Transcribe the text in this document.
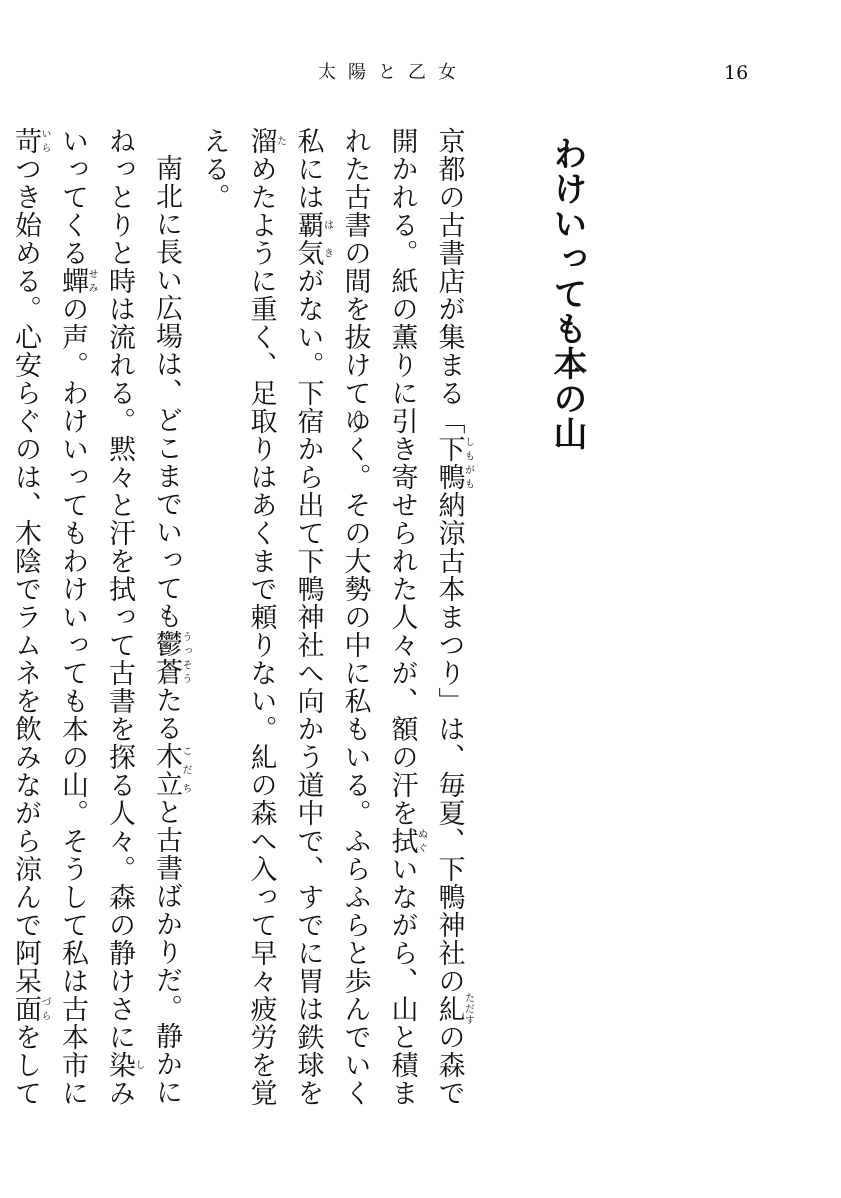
太陽と乙女	16
わけいっても本の山

京都の古書店が集まる「下鴨しもがも納涼古本まつり」は、毎夏、下鴨神社の糺ただすの森で開かれる。紙の薫りに引き寄せられた人々が、額の汗を拭ぬぐいながら、山と積まれた古書の間を抜けてゆく。その大勢の中に私もいる。ふらふらと歩んでいく私には覇気はきがない。下宿から出て下鴨神社へ向かう道中で、すでに胃は鉄球を溜ためたように重く、足取りはあくまで頼りない。糺の森へ入って早々疲労を覚える。

南北に長い広場は、どこまでいっても鬱蒼うっそうたる木立こだちと古書ばかりだ。静かにねっとりと時は流れる。黙々と汗を拭って古書を探る人々。森の静けさに染しみいってくる蟬せみの声。わけいってもわけいっても本の山。そうして私は古本市に苛いらつき始める。心安らぐのは、木陰でラムネを飲みながら涼んで阿呆面づらをして
